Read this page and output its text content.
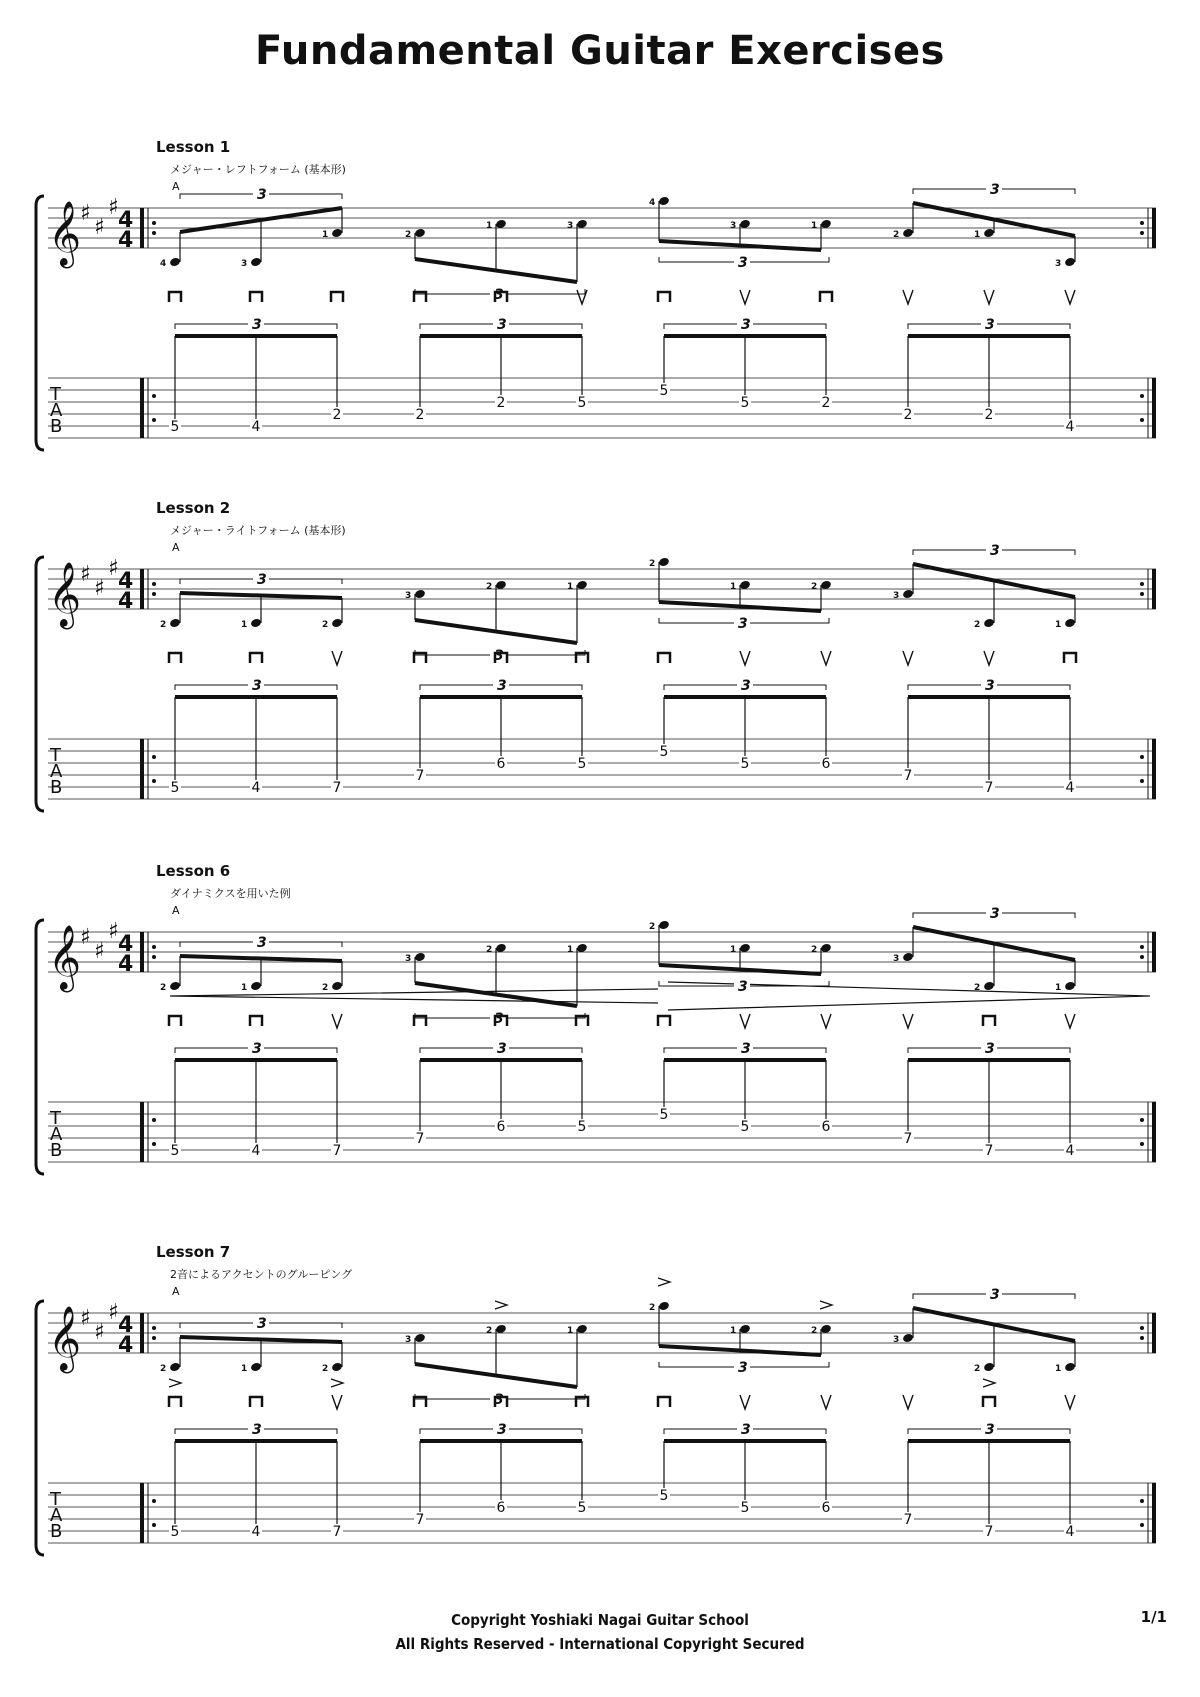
Fundamental Guitar Exercises
Lesson 1
メジャー・レフトフォーム (基本形)
A
𝄞
♯
♯
♯
4
4
T
A
B
4	3
1
3
3
5	4
2
2
1	3
3
3
2
2	5
4
3	1
3
3
5
5	2
2	1
3
3
3
2	2
4
Lesson 2
メジャー・ライトフォーム (基本形)
A
𝄞
♯
♯
♯
4
4
T
A
B
2	1	2
3
3
5	4	7
3
2	1
3
3
7
6	5
2
1	2
3
3
5
5	6
3
2	1
3
3
7
7	4
Lesson 6
ダイナミクスを用いた例
A
𝄞
♯
♯
♯
4
4
T
A
B
2	1	2
3
3
5	4	7
3
2	1
3
3
7
6	5
2
1	2
3
3
5
5	6
3
2	1
3
3
7
7	4
Lesson 7
2音によるアクセントのグルーピング
A
𝄞
♯
♯
♯
4
4
T
A
B
2	1	2
3
3
5	4	7
3
2	1
3
3
7
6	5
2
1	2
3
3
5
5	6
3
2	1
3
3
7
7	4
Copyright Yoshiaki Nagai Guitar School
All Rights Reserved - International Copyright Secured
1/1
